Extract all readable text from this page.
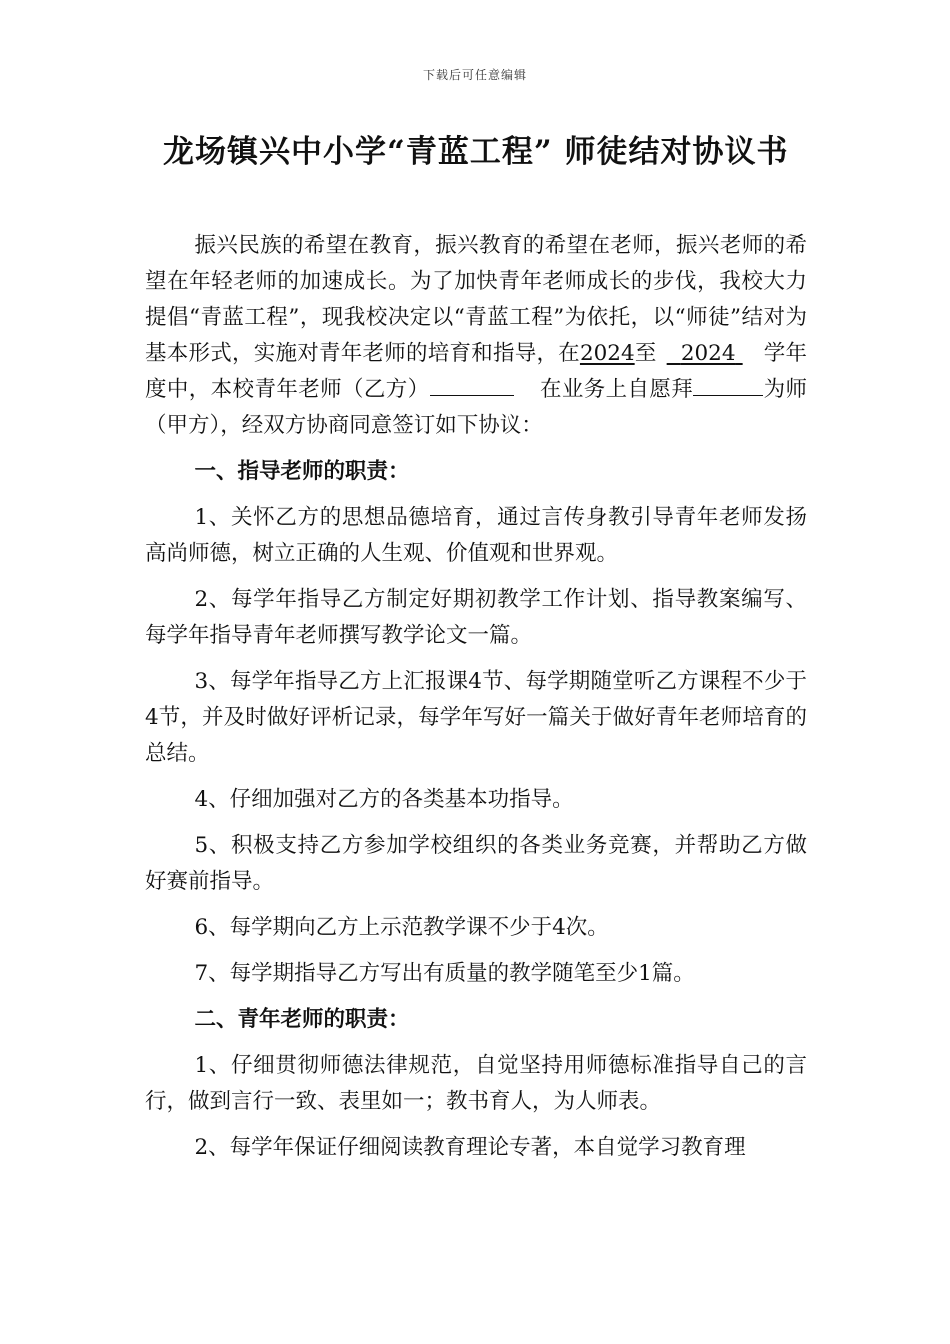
下载后可任意编辑
龙场镇兴中小学“青蓝工程” 师徒结对协议书

振兴民族的希望在教育，振兴教育的希望在老师，振兴老师的希望在年轻老师的加速成长。为了加快青年老师成长的步伐，我校大力提倡“青蓝工程”，现我校决定以“青蓝工程”为依托，以“师徒”结对为基本形式，实施对青年老师的培育和指导，在2024至 2024 学年度中，本校青年老师（乙方）	在业务上自愿拜	为师（甲方），经双方协商同意签订如下协议：

一、指导老师的职责：

1、关怀乙方的思想品德培育，通过言传身教引导青年老师发扬高尚师德，树立正确的人生观、价值观和世界观。

2、每学年指导乙方制定好期初教学工作计划、指导教案编写、每学年指导青年老师撰写教学论文一篇。

3、每学年指导乙方上汇报课4节、每学期随堂听乙方课程不少于4节，并及时做好评析记录，每学年写好一篇关于做好青年老师培育的总结。

4、仔细加强对乙方的各类基本功指导。

5、积极支持乙方参加学校组织的各类业务竞赛，并帮助乙方做好赛前指导。

6、每学期向乙方上示范教学课不少于4次。

7、每学期指导乙方写出有质量的教学随笔至少1篇。

二、青年老师的职责：

1、仔细贯彻师德法律规范，自觉坚持用师德标准指导自己的言行，做到言行一致、表里如一；教书育人，为人师表。

2、每学年保证仔细阅读教育理论专著，本自觉学习教育理
